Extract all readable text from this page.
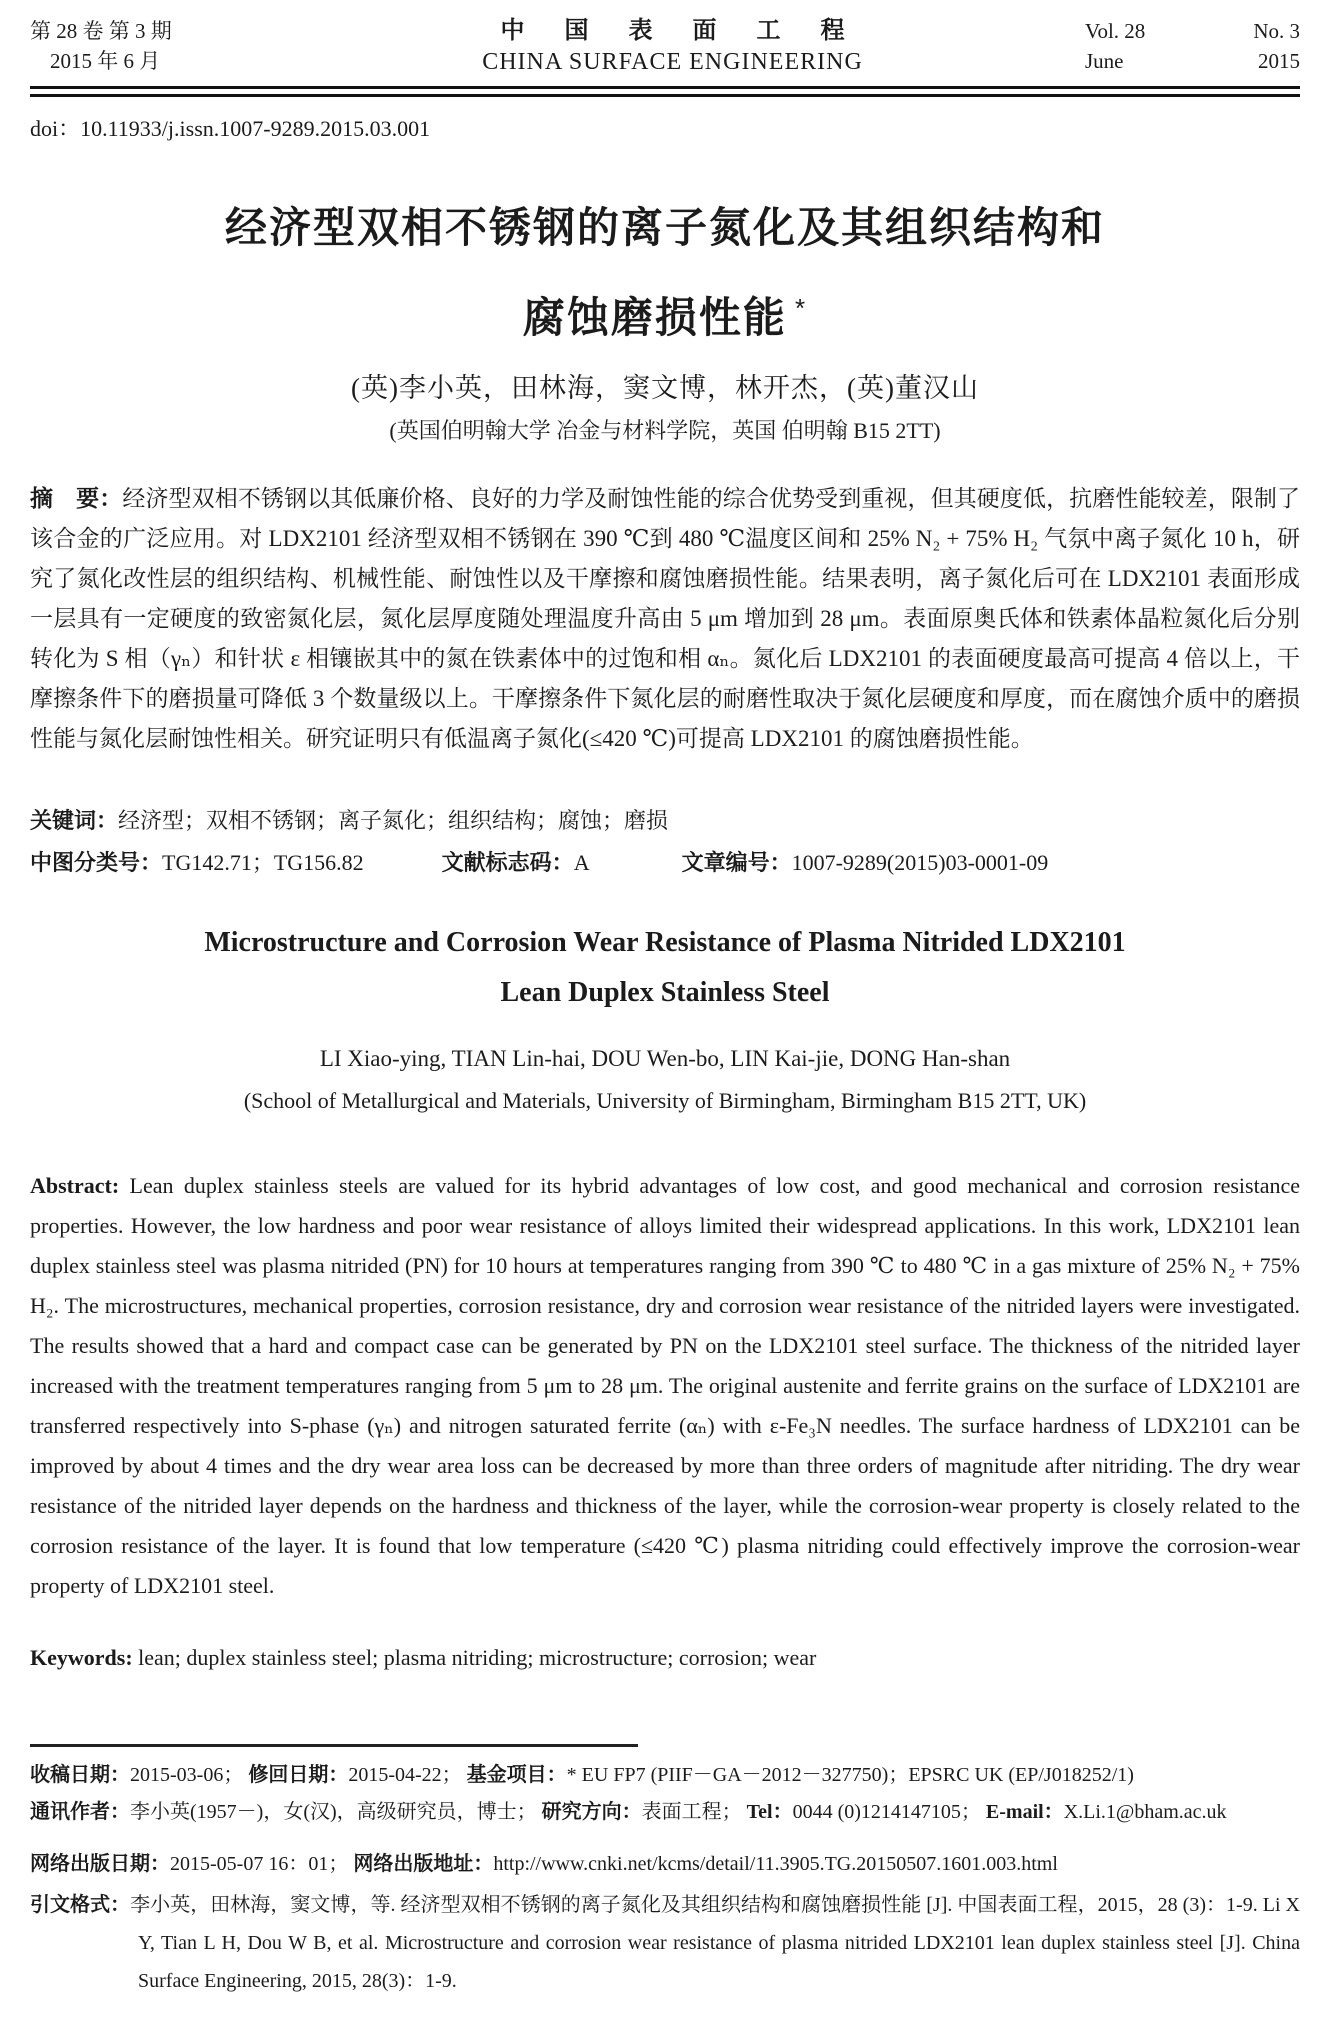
第 28 卷 第 3 期
2015 年 6 月
中国表面工程
CHINA SURFACE ENGINEERING
Vol. 28	No. 3
June	2015
doi：10.11933/j.issn.1007-9289.2015.03.001
经济型双相不锈钢的离子氮化及其组织结构和
腐蚀磨损性能 *
(英)李小英，田林海，窦文博，林开杰，(英)董汉山
(英国伯明翰大学 冶金与材料学院，英国 伯明翰 B15 2TT)

摘　要：经济型双相不锈钢以其低廉价格、良好的力学及耐蚀性能的综合优势受到重视，但其硬度低，抗磨性能较差，限制了该合金的广泛应用。对 LDX2101 经济型双相不锈钢在 390 ℃到 480 ℃温度区间和 25% N₂ + 75% H₂ 气氛中离子氮化 10 h，研究了氮化改性层的组织结构、机械性能、耐蚀性以及干摩擦和腐蚀磨损性能。结果表明，离子氮化后可在 LDX2101 表面形成一层具有一定硬度的致密氮化层，氮化层厚度随处理温度升高由 5 μm 增加到 28 μm。表面原奥氏体和铁素体晶粒氮化后分别转化为 S 相（γₙ）和针状 ε 相镶嵌其中的氮在铁素体中的过饱和相 αₙ。氮化后 LDX2101 的表面硬度最高可提高 4 倍以上，干摩擦条件下的磨损量可降低 3 个数量级以上。干摩擦条件下氮化层的耐磨性取决于氮化层硬度和厚度，而在腐蚀介质中的磨损性能与氮化层耐蚀性相关。研究证明只有低温离子氮化(≤420 ℃)可提高 LDX2101 的腐蚀磨损性能。

关键词：经济型；双相不锈钢；离子氮化；组织结构；腐蚀；磨损

中图分类号：TG142.71；TG156.82	文献标志码：A	文章编号：1007-9289(2015)03-0001-09
Microstructure and Corrosion Wear Resistance of Plasma Nitrided LDX2101
Lean Duplex Stainless Steel
LI Xiao-ying, TIAN Lin-hai, DOU Wen-bo, LIN Kai-jie, DONG Han-shan
(School of Metallurgical and Materials, University of Birmingham, Birmingham B15 2TT, UK)

Abstract: Lean duplex stainless steels are valued for its hybrid advantages of low cost, and good mechanical and corrosion resistance properties. However, the low hardness and poor wear resistance of alloys limited their widespread applications. In this work, LDX2101 lean duplex stainless steel was plasma nitrided (PN) for 10 hours at temperatures ranging from 390 ℃ to 480 ℃ in a gas mixture of 25% N₂ + 75% H₂. The microstructures, mechanical properties, corrosion resistance, dry and corrosion wear resistance of the nitrided layers were investigated. The results showed that a hard and compact case can be generated by PN on the LDX2101 steel surface. The thickness of the nitrided layer increased with the treatment temperatures ranging from 5 μm to 28 μm. The original austenite and ferrite grains on the surface of LDX2101 are transferred respectively into S-phase (γₙ) and nitrogen saturated ferrite (αₙ) with ε-Fe₃N needles. The surface hardness of LDX2101 can be improved by about 4 times and the dry wear area loss can be decreased by more than three orders of magnitude after nitriding. The dry wear resistance of the nitrided layer depends on the hardness and thickness of the layer, while the corrosion-wear property is closely related to the corrosion resistance of the layer. It is found that low temperature (≤420 ℃) plasma nitriding could effectively improve the corrosion-wear property of LDX2101 steel.

Keywords: lean; duplex stainless steel; plasma nitriding; microstructure; corrosion; wear

收稿日期：2015-03-06； 修回日期：2015-04-22； 基金项目：* EU FP7 (PIIF－GA－2012－327750)；EPSRC UK (EP/J018252/1)
通讯作者：李小英(1957－)，女(汉)，高级研究员，博士； 研究方向：表面工程； Tel：0044 (0)1214147105； E-mail：X.Li.1@bham.ac.uk
网络出版日期：2015-05-07 16：01； 网络出版地址：http://www.cnki.net/kcms/detail/11.3905.TG.20150507.1601.003.html
引文格式：李小英，田林海，窦文博，等. 经济型双相不锈钢的离子氮化及其组织结构和腐蚀磨损性能 [J]. 中国表面工程，2015，28 (3)：1-9. Li X Y, Tian L H, Dou W B, et al. Microstructure and corrosion wear resistance of plasma nitrided LDX2101 lean duplex stainless steel [J]. China Surface Engineering, 2015, 28(3)：1-9.
